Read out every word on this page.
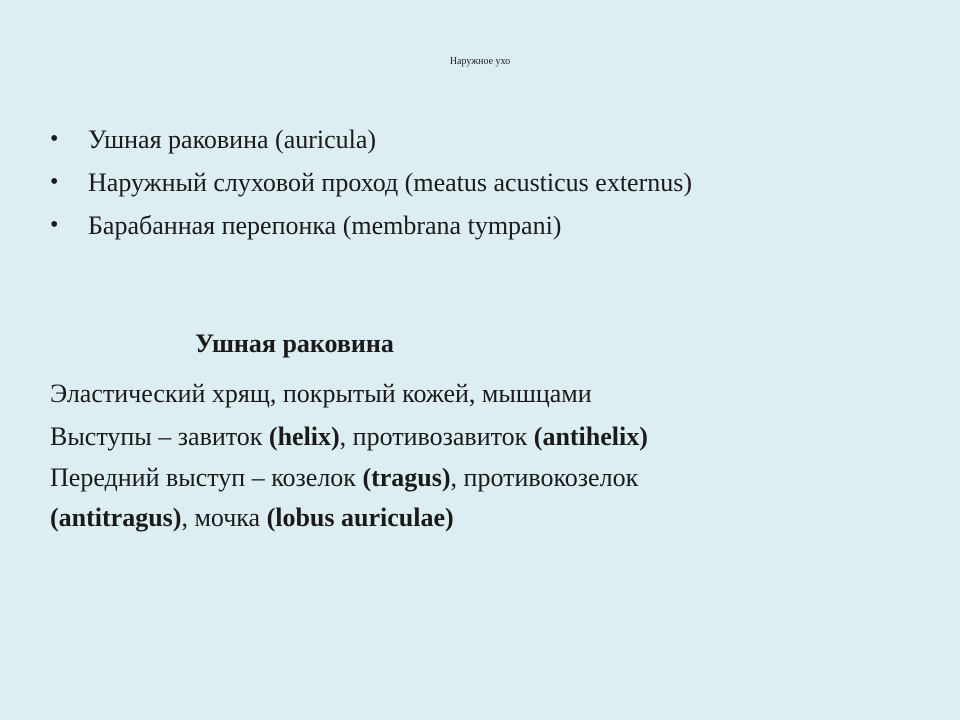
Наружное ухо
• Ушная раковина (auricula)
• Наружный слуховой проход (meatus acusticus externus)
• Барабанная перепонка (membrana tympani)
Ушная раковина
Эластический хрящ, покрытый кожей, мышцами
Выступы – завиток (helix), противозавиток (antihelix)
Передний выступ – козелок (tragus), противокозелок
(antitragus), мочка (lobus auriculae)
